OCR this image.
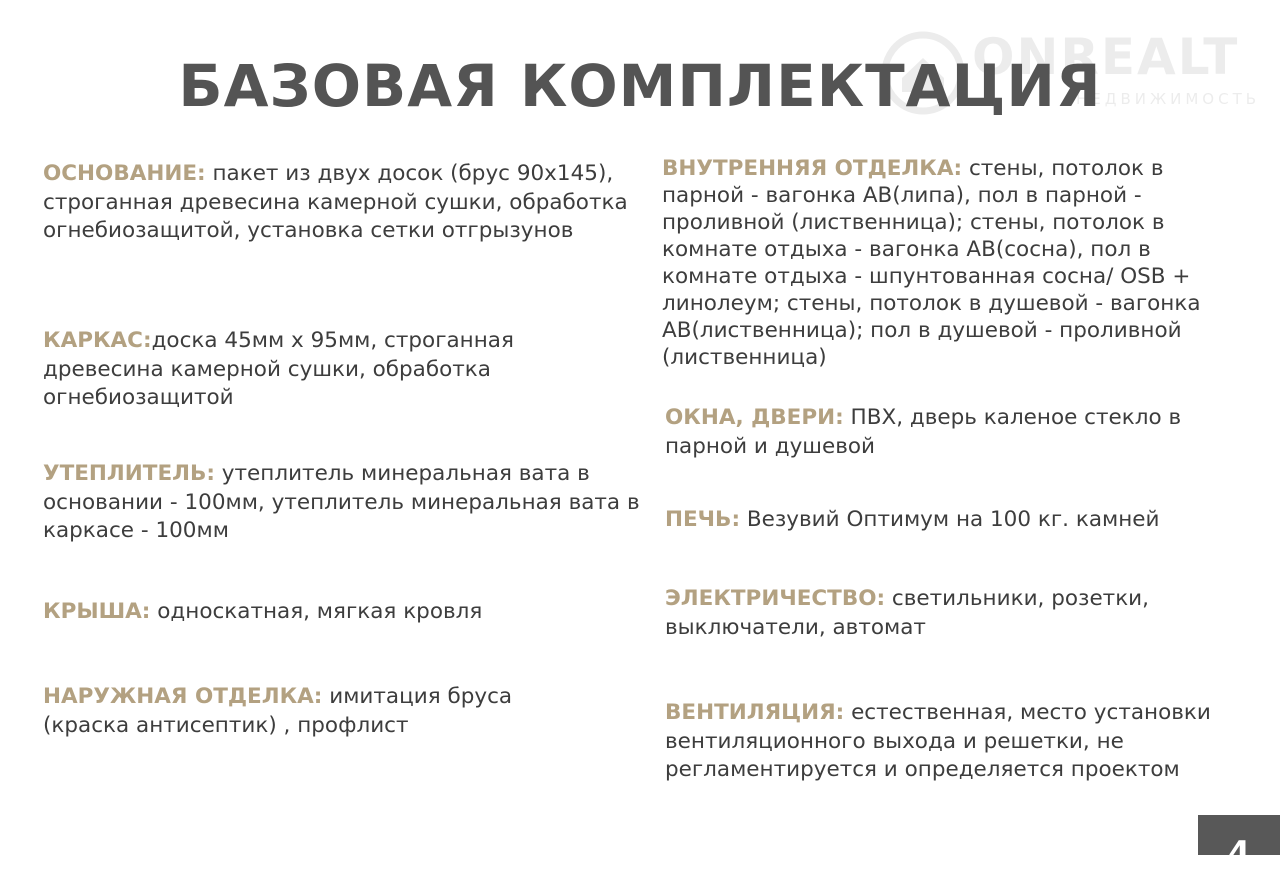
ONREALT
НЕДВИЖИМОСТЬ
БАЗОВАЯ КОМПЛЕКТАЦИЯ
ОСНОВАНИЕ: пакет из двух досок (брус 90х145), строганная древесина камерной сушки, обработка огнебиозащитой, установка сетки отгрызунов
КАРКАС:доска 45мм х 95мм, строганная древесина камерной сушки, обработка огнебиозащитой
УТЕПЛИТЕЛЬ: утеплитель минеральная вата в основании - 100мм, утеплитель минеральная вата в каркасе - 100мм
КРЫША: односкатная, мягкая кровля
НАРУЖНАЯ ОТДЕЛКА: имитация бруса (краска антисептик) , профлист
ВНУТРЕННЯЯ ОТДЕЛКА: стены, потолок в парной - вагонка АВ(липа), пол в парной - проливной (лиственница); стены, потолок в комнате отдыха - вагонка АВ(сосна), пол в комнате отдыха - шпунтованная сосна/ OSB + линолеум; стены, потолок в душевой - вагонка АВ(лиственница); пол в душевой - проливной (лиственница)
ОКНА, ДВЕРИ: ПВХ, дверь каленое стекло в парной и душевой
ПЕЧЬ: Везувий Оптимум на 100 кг. камней
ЭЛЕКТРИЧЕСТВО: светильники, розетки, выключатели, автомат
ВЕНТИЛЯЦИЯ: естественная, место установки вентиляционного выхода и решетки, не регламентируется и определяется проектом
4
